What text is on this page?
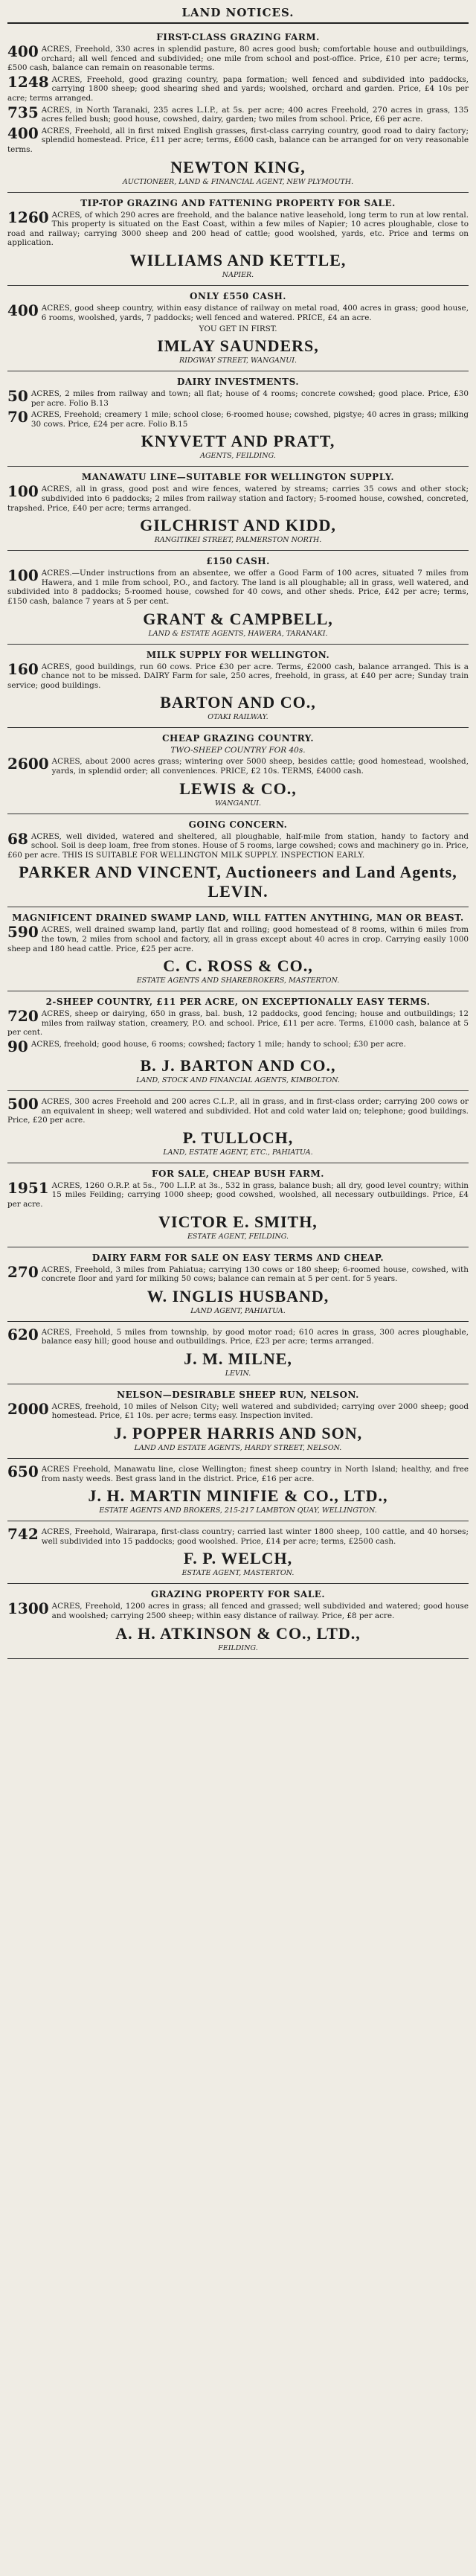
LAND NOTICES.
FIRST-CLASS GRAZING FARM.
400 ACRES, Freehold, 330 acres in splendid pasture, 80 acres good bush; comfortable house and outbuildings, orchard; all well fenced and subdivided; one mile from school and post-office. Price, £10 per acre; terms, £500 cash, balance can remain on reasonable terms.
1248 ACRES, Freehold, good grazing country, papa formation; well fenced and subdivided into paddocks, carrying 1800 sheep; good shearing shed and yards; woolshed, orchard and garden. Price, £4 10s per acre; terms arranged.
735 ACRES, in North Taranaki, 235 acres L.I.P., at 5s. per acre; 400 acres Freehold, 270 acres in grass, 135 acres felled bush; good house, cowshed, dairy, garden; two miles from school. Price, £6 per acre.
400 ACRES, Freehold, all in first mixed English grasses, first-class carrying country, good road to dairy factory; splendid homestead. Price, £11 per acre; terms, £600 cash, balance can be arranged for on very reasonable terms.
NEWTON KING,
AUCTIONEER, LAND & FINANCIAL AGENT, NEW PLYMOUTH.
TIP-TOP GRAZING AND FATTENING PROPERTY FOR SALE.
1260 ACRES, of which 290 acres are freehold, and the balance native leasehold, long term to run at low rental. This property is situated on the East Coast, within a few miles of Napier; 10 acres ploughable, close to road and railway; carrying 3000 sheep and 200 head of cattle; good woolshed, yards, etc. Price and terms on application.
WILLIAMS AND KETTLE,
NAPIER.
ONLY £550 CASH.
400 ACRES, good sheep country, within easy distance of railway on metal road, 400 acres in grass; good house, 6 rooms, woolshed, yards, 7 paddocks; well fenced and watered. PRICE, £4 an acre.
YOU GET IN FIRST.
IMLAY SAUNDERS,
RIDGWAY STREET, WANGANUI.
DAIRY INVESTMENTS.
50 ACRES, 2 miles from railway and town; all flat; house of 4 rooms; concrete cowshed; good place. Price, £30 per acre. Folio B.13
70 ACRES, Freehold; creamery 1 mile; school close; 6-roomed house; cowshed, pigstye; 40 acres in grass; milking 30 cows. Price, £24 per acre. Folio B.15
KNYVETT AND PRATT,
AGENTS, FEILDING.
MANAWATU LINE—SUITABLE FOR WELLINGTON SUPPLY.
100 ACRES, all in grass, good post and wire fences, watered by streams; carries 35 cows and other stock; subdivided into 6 paddocks; 2 miles from railway station and factory; 5-roomed house, cowshed, concreted, trapshed. Price, £40 per acre; terms arranged.
GILCHRIST AND KIDD,
RANGITIKEI STREET, PALMERSTON NORTH.
£150 CASH.
100 ACRES.—Under instructions from an absentee, we offer a Good Farm of 100 acres, situated 7 miles from Hawera, and 1 mile from school, P.O., and factory. The land is all ploughable; all in grass, well watered, and subdivided into 8 paddocks; 5-roomed house, cowshed for 40 cows, and other sheds. Price, £42 per acre; terms, £150 cash, balance 7 years at 5 per cent.
GRANT & CAMPBELL,
LAND & ESTATE AGENTS, HAWERA, TARANAKI.
MILK SUPPLY FOR WELLINGTON.
160 ACRES, good buildings, run 60 cows. Price £30 per acre. Terms, £2000 cash, balance arranged. This is a chance not to be missed. DAIRY Farm for sale, 250 acres, freehold, in grass, at £40 per acre; Sunday train service; good buildings.
BARTON AND CO.,
OTAKI RAILWAY.
CHEAP GRAZING COUNTRY.
TWO-SHEEP COUNTRY FOR 40s.
2600 ACRES, about 2000 acres grass; wintering over 5000 sheep, besides cattle; good homestead, woolshed, yards, in splendid order; all conveniences. PRICE, £2 10s. TERMS, £4000 cash.
LEWIS & CO.,
WANGANUI.
GOING CONCERN.
68 ACRES, well divided, watered and sheltered, all ploughable, half-mile from station, handy to factory and school. Soil is deep loam, free from stones. House of 5 rooms, large cowshed; cows and machinery go in. Price, £60 per acre. THIS IS SUITABLE FOR WELLINGTON MILK SUPPLY. INSPECTION EARLY.
PARKER AND VINCENT, Auctioneers and Land Agents, LEVIN.
MAGNIFICENT DRAINED SWAMP LAND, WILL FATTEN ANYTHING, MAN OR BEAST.
590 ACRES, well drained swamp land, partly flat and rolling; good homestead of 8 rooms, within 6 miles from the town, 2 miles from school and factory, all in grass except about 40 acres in crop. Carrying easily 1000 sheep and 180 head cattle. Price, £25 per acre.
C. C. ROSS & CO.,
ESTATE AGENTS AND SHAREBROKERS, MASTERTON.
2-SHEEP COUNTRY, £11 PER ACRE, ON EXCEPTIONALLY EASY TERMS.
720 ACRES, sheep or dairying, 650 in grass, bal. bush, 12 paddocks, good fencing; house and outbuildings; 12 miles from railway station, creamery, P.O. and school. Price, £11 per acre. Terms, £1000 cash, balance at 5 per cent.
90 ACRES, freehold; good house, 6 rooms; cowshed; factory 1 mile; handy to school; £30 per acre.
B. J. BARTON AND CO.,
LAND, STOCK AND FINANCIAL AGENTS, KIMBOLTON.
500 ACRES, 300 acres Freehold and 200 acres C.L.P., all in grass, and in first-class order; carrying 200 cows or an equivalent in sheep; well watered and subdivided. Hot and cold water laid on; telephone; good buildings. Price, £20 per acre.
P. TULLOCH,
LAND, ESTATE AGENT, ETC., PAHIATUA.
FOR SALE, CHEAP BUSH FARM.
1951 ACRES, 1260 O.R.P. at 5s., 700 L.I.P. at 3s., 532 in grass, balance bush; all dry, good level country; within 15 miles Feilding; carrying 1000 sheep; good cowshed, woolshed, all necessary outbuildings. Price, £4 per acre.
VICTOR E. SMITH,
ESTATE AGENT, FEILDING.
DAIRY FARM FOR SALE ON EASY TERMS AND CHEAP.
270 ACRES, Freehold, 3 miles from Pahiatua; carrying 130 cows or 180 sheep; 6-roomed house, cowshed, with concrete floor and yard for milking 50 cows; balance can remain at 5 per cent. for 5 years.
W. INGLIS HUSBAND,
LAND AGENT, PAHIATUA.
620 ACRES, Freehold, 5 miles from township, by good motor road; 610 acres in grass, 300 acres ploughable, balance easy hill; good house and outbuildings. Price, £23 per acre; terms arranged.
J. M. MILNE,
LEVIN.
NELSON—DESIRABLE SHEEP RUN, NELSON.
2000 ACRES, freehold, 10 miles of Nelson City; well watered and subdivided; carrying over 2000 sheep; good homestead. Price, £1 10s. per acre; terms easy. Inspection invited.
J. POPPER HARRIS AND SON,
LAND AND ESTATE AGENTS, HARDY STREET, NELSON.
650 ACRES Freehold, Manawatu line, close Wellington; finest sheep country in North Island; healthy, and free from nasty weeds. Best grass land in the district. Price, £16 per acre.
J. H. MARTIN MINIFIE & CO., LTD.,
ESTATE AGENTS AND BROKERS, 215-217 LAMBTON QUAY, WELLINGTON.
742 ACRES, Freehold, Wairarapa, first-class country; carried last winter 1800 sheep, 100 cattle, and 40 horses; well subdivided into 15 paddocks; good woolshed. Price, £14 per acre; terms, £2500 cash.
F. P. WELCH,
ESTATE AGENT, MASTERTON.
GRAZING PROPERTY FOR SALE.
1300 ACRES, Freehold, 1200 acres in grass; all fenced and grassed; well subdivided and watered; good house and woolshed; carrying 2500 sheep; within easy distance of railway. Price, £8 per acre.
A. H. ATKINSON & CO., LTD.,
FEILDING.
